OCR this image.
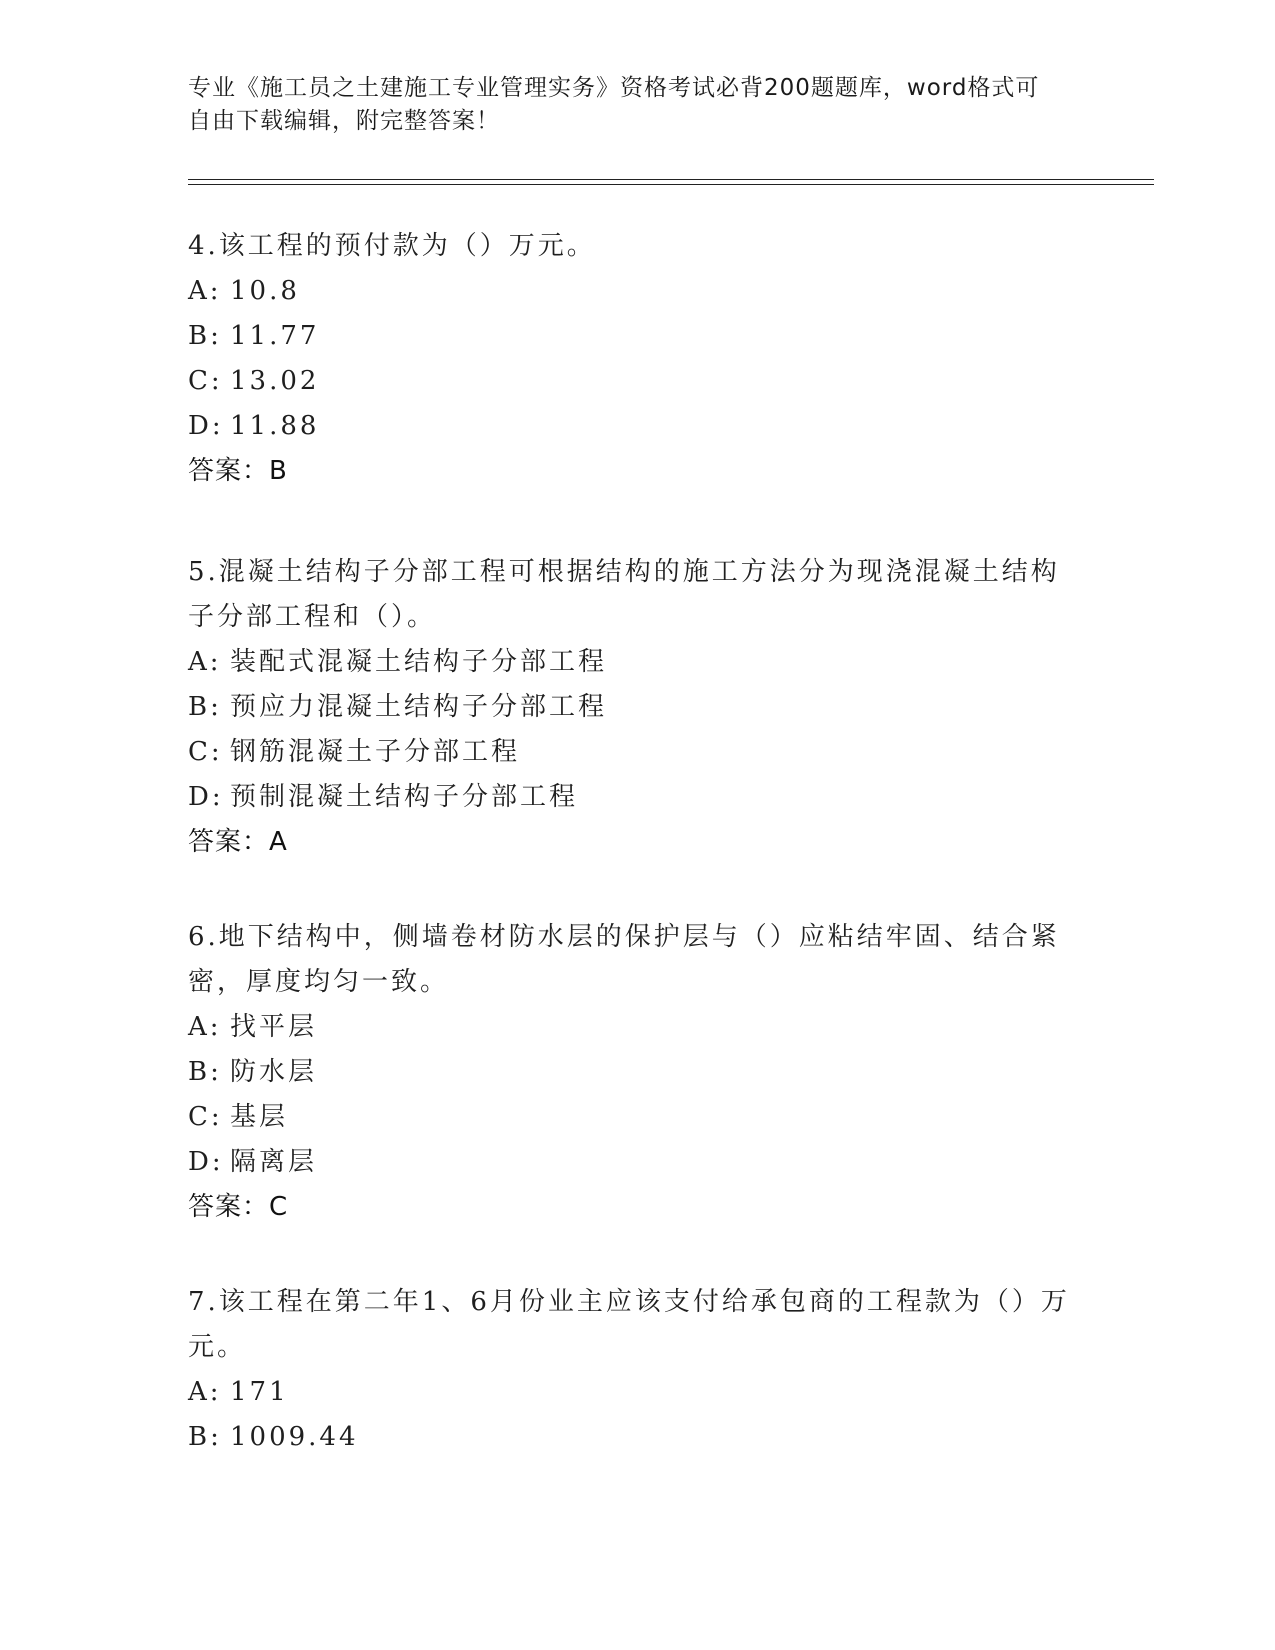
专业《施工员之土建施工专业管理实务》资格考试必背200题题库，word格式可
自由下载编辑，附完整答案！
4.该工程的预付款为（）万元。
A: 10.8
B: 11.77
C: 13.02
D: 11.88
答案：B
5.混凝土结构子分部工程可根据结构的施工方法分为现浇混凝土结构
子分部工程和（）。
A: 装配式混凝土结构子分部工程
B: 预应力混凝土结构子分部工程
C: 钢筋混凝土子分部工程
D: 预制混凝土结构子分部工程
答案：A
6.地下结构中，侧墙卷材防水层的保护层与（）应粘结牢固、结合紧
密，厚度均匀一致。
A: 找平层
B: 防水层
C: 基层
D: 隔离层
答案：C
7.该工程在第二年1、6月份业主应该支付给承包商的工程款为（）万
元。
A: 171
B: 1009.44
